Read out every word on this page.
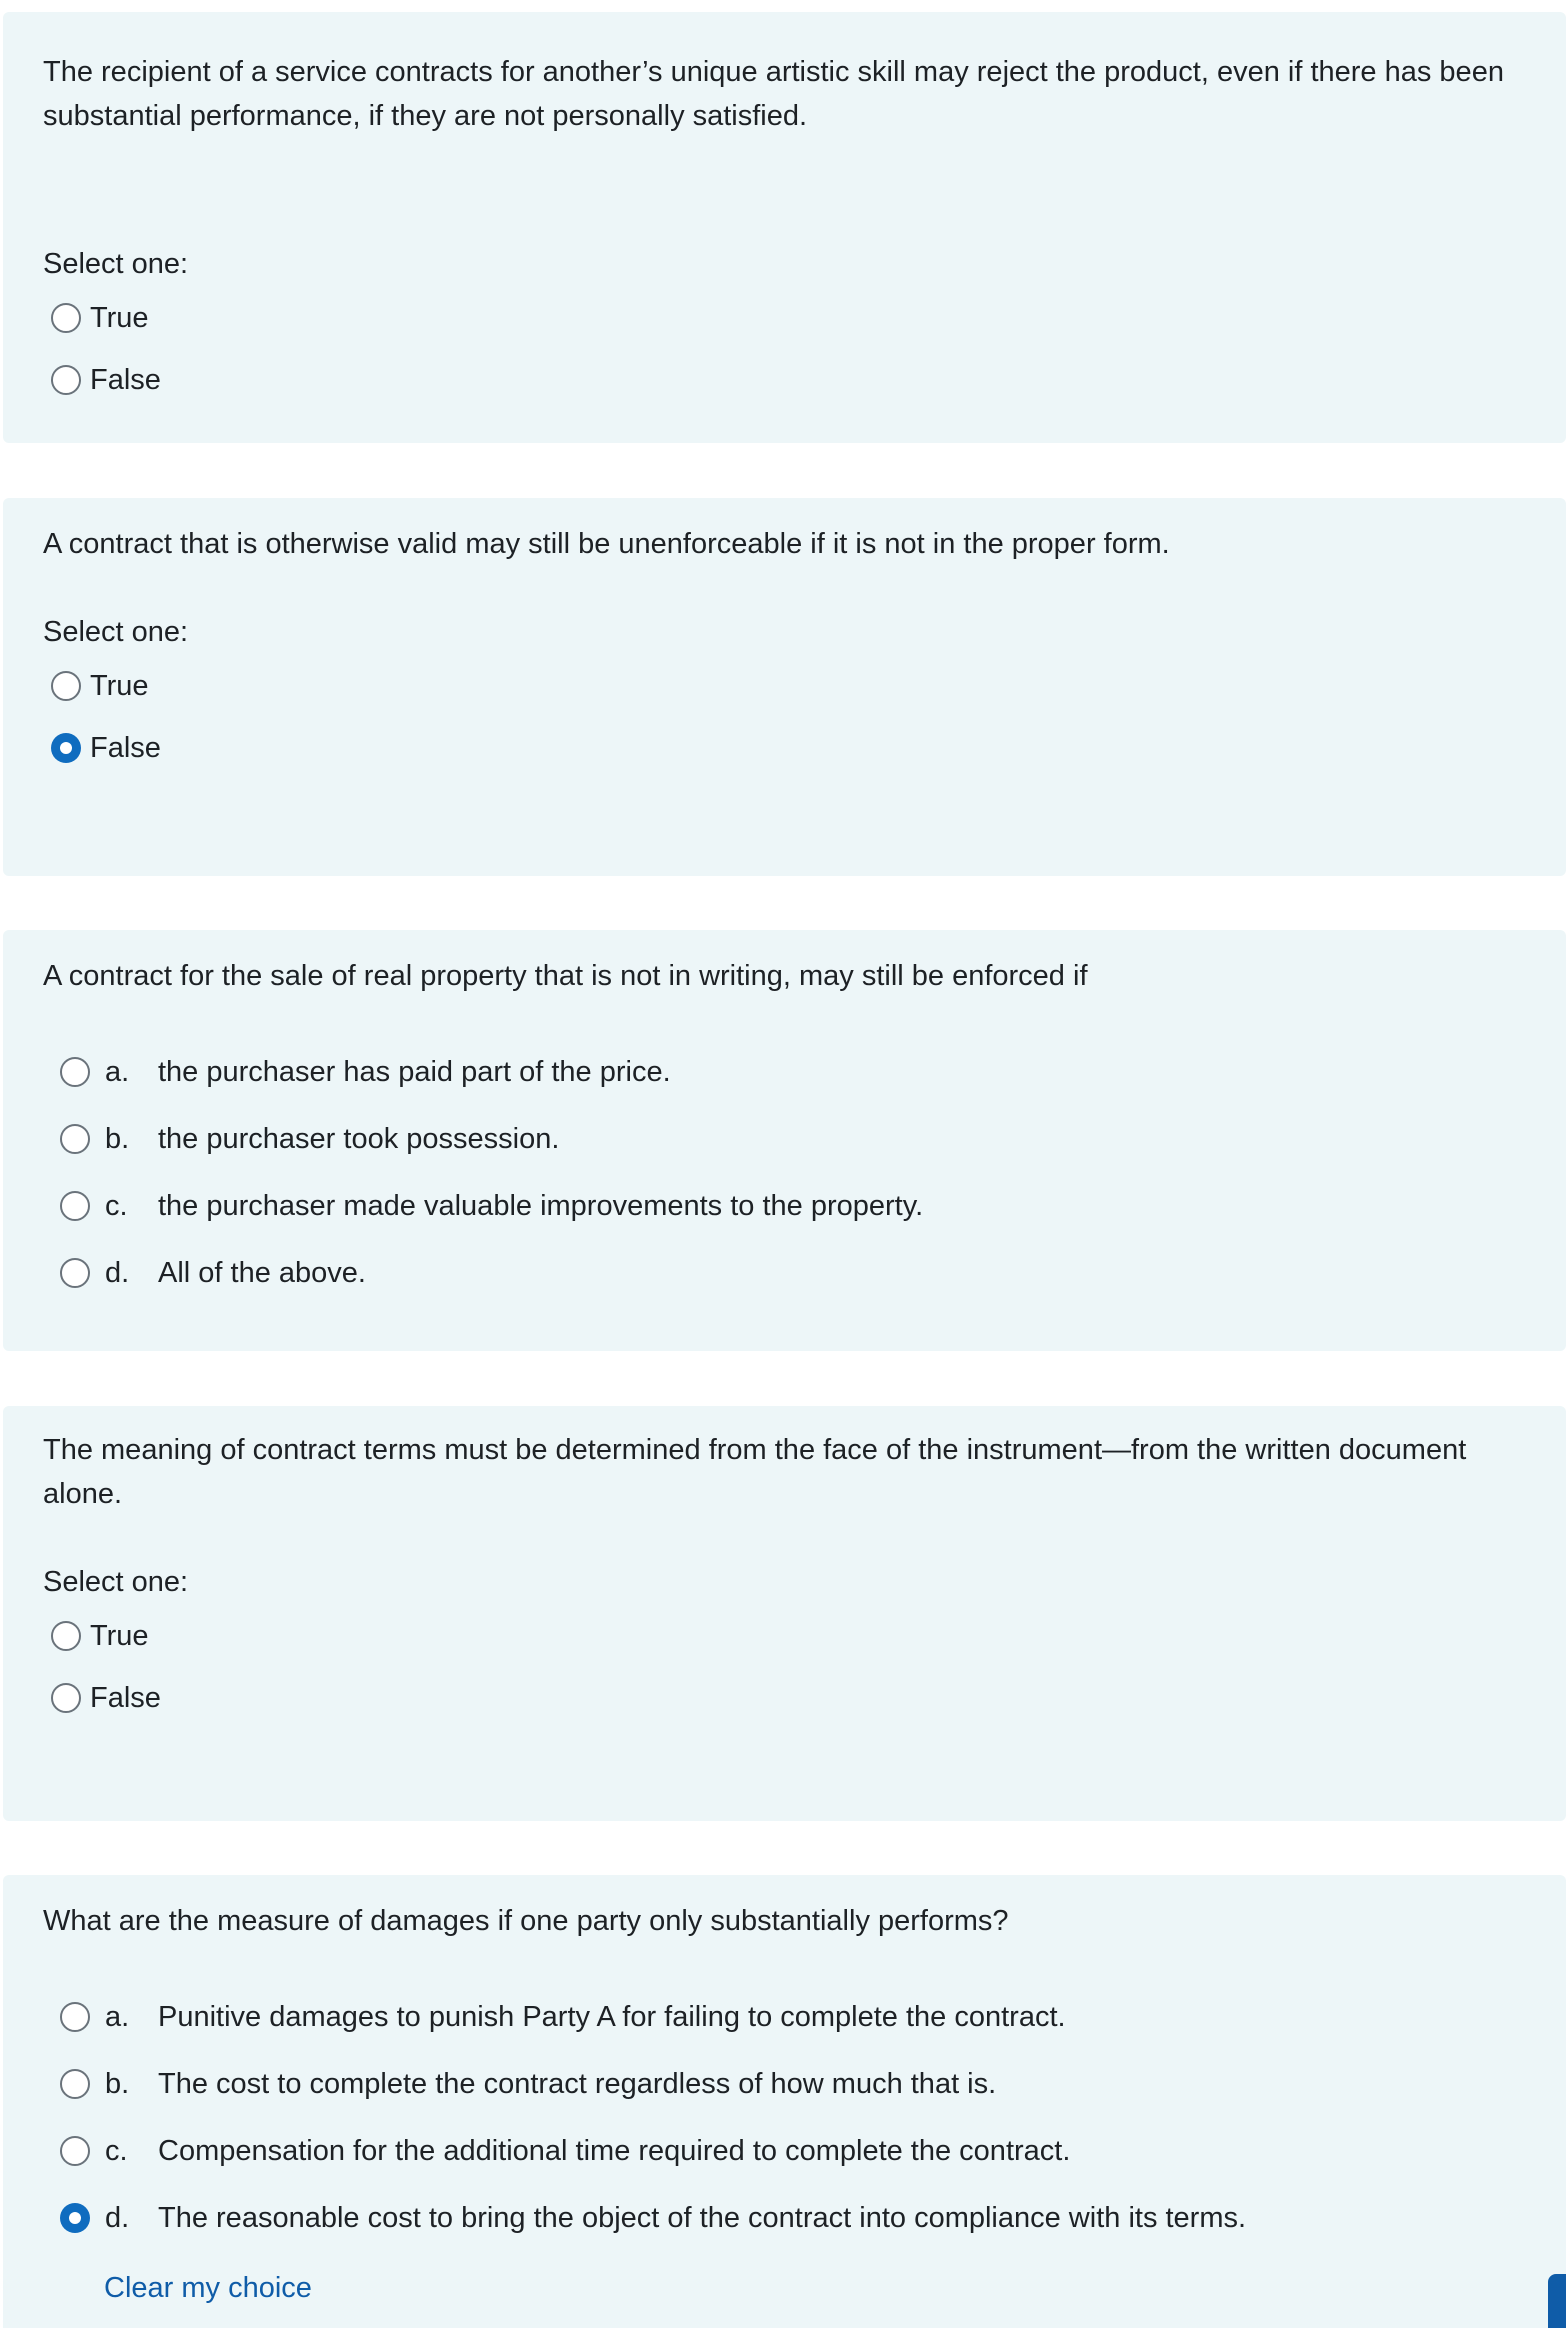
The recipient of a service contracts for another’s unique artistic skill may reject the product, even if there has been substantial performance, if they are not personally satisfied.
Select one:
True
False
A contract that is otherwise valid may still be unenforceable if it is not in the proper form.
Select one:
True
False
A contract for the sale of real property that is not in writing, may still be enforced if
a. the purchaser has paid part of the price.
b. the purchaser took possession.
c.	the purchaser made valuable improvements to the property.
d. All of the above.
The meaning of contract terms must be determined from the face of the instrument—from the written document alone.
Select one:
True
False
What are the measure of damages if one party only substantially performs?
a. Punitive damages to punish Party A for failing to complete the contract.
b. The cost to complete the contract regardless of how much that is.
c.	Compensation for the additional time required to complete the contract.
d. The reasonable cost to bring the object of the contract into compliance with its terms.
Clear my choice
